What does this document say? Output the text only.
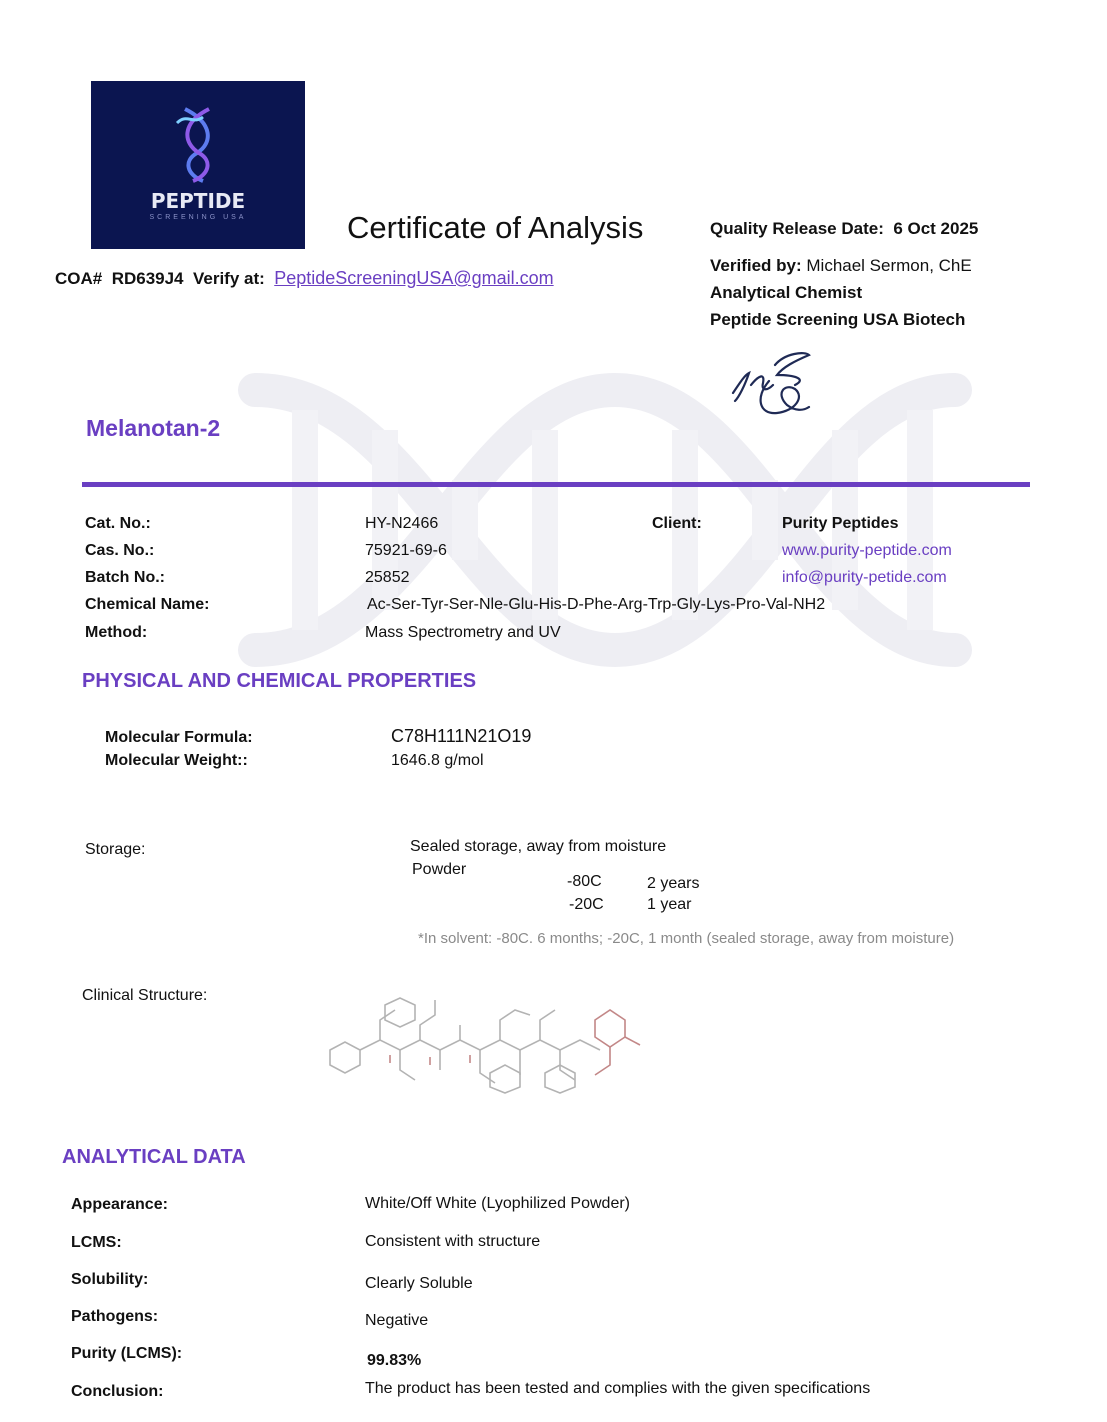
PEPTIDE
SCREENING USA	Certificate of Analysis	Quality Release Date: 6 Oct 2025
Verified by: Michael Sermon, ChE
Analytical Chemist
Peptide Screening USA Biotech
COA# RD639J4 Verify at: PeptideScreeningUSA@gmail.com
Melanotan-2
Cat. No.:	HY-N2466
Cas. No.:	75921-69-6
Batch No.:	25852
Chemical Name:	Ac-Ser-Tyr-Ser-Nle-Glu-His-D-Phe-Arg-Trp-Gly-Lys-Pro-Val-NH2
Method:	Mass Spectrometry and UV
Client:	Purity Peptides
www.purity-peptide.com
info@purity-petide.com
PHYSICAL AND CHEMICAL PROPERTIES
Molecular Formula:	C78H111N21O19
Molecular Weight::	1646.8 g/mol
Storage:	Sealed storage, away from moisture
Powder
-80C	2 years
-20C	1 year
*In solvent: -80C. 6 months; -20C, 1 month (sealed storage, away from moisture)
Clinical Structure:
ANALYTICAL DATA
Appearance:	White/Off White (Lyophilized Powder)
LCMS:	Consistent with structure
Solubility:	Clearly Soluble
Pathogens:	Negative
Purity (LCMS):	99.83%
Conclusion:	The product has been tested and complies with the given specifications
